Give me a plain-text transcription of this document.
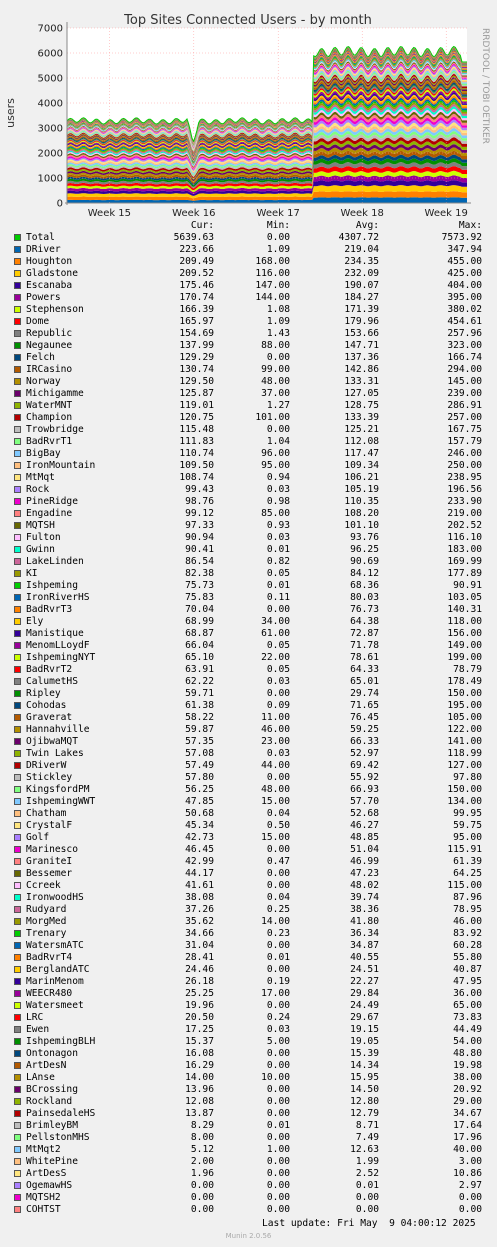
Top Sites Connected Users - by month
RRDTOOL / TOBI OETIKER
users
0
1000
2000
3000
4000
5000
6000
7000
Week 15	Week 16	Week 17	Week 18	Week 19
Cur:	Min:	Avg:	Max:
Total	5639.63	0.00	4307.72	7573.92
DRiver	223.66	1.09	219.04	347.94
Houghton	209.49	168.00	234.35	455.00
Gladstone	209.52	116.00	232.09	425.00
Escanaba	175.46	147.00	190.07	404.00
Powers	170.74	144.00	184.27	395.00
Stephenson	166.39	1.08	171.39	380.02
Dome	165.97	1.09	179.96	454.61
Republic	154.69	1.43	153.66	257.96
Negaunee	137.99	88.00	147.71	323.00
Felch	129.29	0.00	137.36	166.74
IRCasino	130.74	99.00	142.86	294.00
Norway	129.50	48.00	133.31	145.00
Michigamme	125.87	37.00	127.05	239.00
WaterMNT	119.01	1.27	128.75	286.91
Champion	120.75	101.00	133.39	257.00
Trowbridge	115.48	0.00	125.21	167.75
BadRvrT1	111.83	1.04	112.08	157.79
BigBay	110.74	96.00	117.47	246.00
IronMountain	109.50	95.00	109.34	250.00
MtMqt	108.74	0.94	106.21	238.95
Rock	99.43	0.03	105.19	196.56
PineRidge	98.76	0.98	110.35	233.90
Engadine	99.12	85.00	108.20	219.00
MQTSH	97.33	0.93	101.10	202.52
Fulton	90.94	0.03	93.76	116.10
Gwinn	90.41	0.01	96.25	183.00
LakeLinden	86.54	0.82	90.69	169.99
KI	82.38	0.05	84.12	177.89
Ishpeming	75.73	0.01	68.36	90.91
IronRiverHS	75.83	0.11	80.03	103.05
BadRvrT3	70.04	0.00	76.73	140.31
Ely	68.99	34.00	64.38	118.00
Manistique	68.87	61.00	72.87	156.00
MenomLLoydF	66.04	0.05	71.78	149.00
IshpemingNYT	65.10	22.00	78.61	199.00
BadRvrT2	63.91	0.05	64.33	78.79
CalumetHS	62.22	0.03	65.01	178.49
Ripley	59.71	0.00	29.74	150.00
Cohodas	61.38	0.09	71.65	195.00
Graverat	58.22	11.00	76.45	105.00
Hannahville	59.87	46.00	59.25	122.00
OjibwaMQT	57.35	23.00	66.33	141.00
Twin Lakes	57.08	0.03	52.97	118.99
DRiverW	57.49	44.00	69.42	127.00
Stickley	57.80	0.00	55.92	97.80
KingsfordPM	56.25	48.00	66.93	150.00
IshpemingWWT	47.85	15.00	57.70	134.00
Chatham	50.68	0.04	52.68	99.95
CrystalF	45.34	0.50	46.27	59.75
Golf	42.73	15.00	48.85	95.00
Marinesco	46.45	0.00	51.04	115.91
GraniteI	42.99	0.47	46.99	61.39
Bessemer	44.17	0.00	47.23	64.25
Ccreek	41.61	0.00	48.02	115.00
IronwoodHS	38.08	0.04	39.74	87.96
Rudyard	37.26	0.25	38.36	78.95
MorgMed	35.62	14.00	41.80	46.00
Trenary	34.66	0.23	36.34	83.92
WatersmATC	31.04	0.00	34.87	60.28
BadRvrT4	28.41	0.01	40.55	55.80
BerglandATC	24.46	0.00	24.51	40.87
MarinMenom	26.18	0.19	22.27	47.95
WEECR480	25.25	17.00	29.84	36.00
Watersmeet	19.96	0.00	24.49	65.00
LRC	20.50	0.24	29.67	73.83
Ewen	17.25	0.03	19.15	44.49
IshpemingBLH	15.37	5.00	19.05	54.00
Ontonagon	16.08	0.00	15.39	48.80
ArtDesN	16.29	0.00	14.34	19.98
LAnse	14.00	10.00	15.95	38.00
BCrossing	13.96	0.00	14.50	20.92
Rockland	12.08	0.00	12.80	29.00
PainsedaleHS	13.87	0.00	12.79	34.67
BrimleyBM	8.29	0.01	8.71	17.64
PellstonMHS	8.00	0.00	7.49	17.96
MtMqt2	5.12	1.00	12.63	40.00
WhitePine	2.00	0.00	1.99	3.00
ArtDesS	1.96	0.00	2.52	10.86
OgemawHS	0.00	0.00	0.01	2.97
MQTSH2	0.00	0.00	0.00	0.00
COHTST	0.00	0.00	0.00	0.00
Last update: Fri May  9 04:00:12 2025
Munin 2.0.56
